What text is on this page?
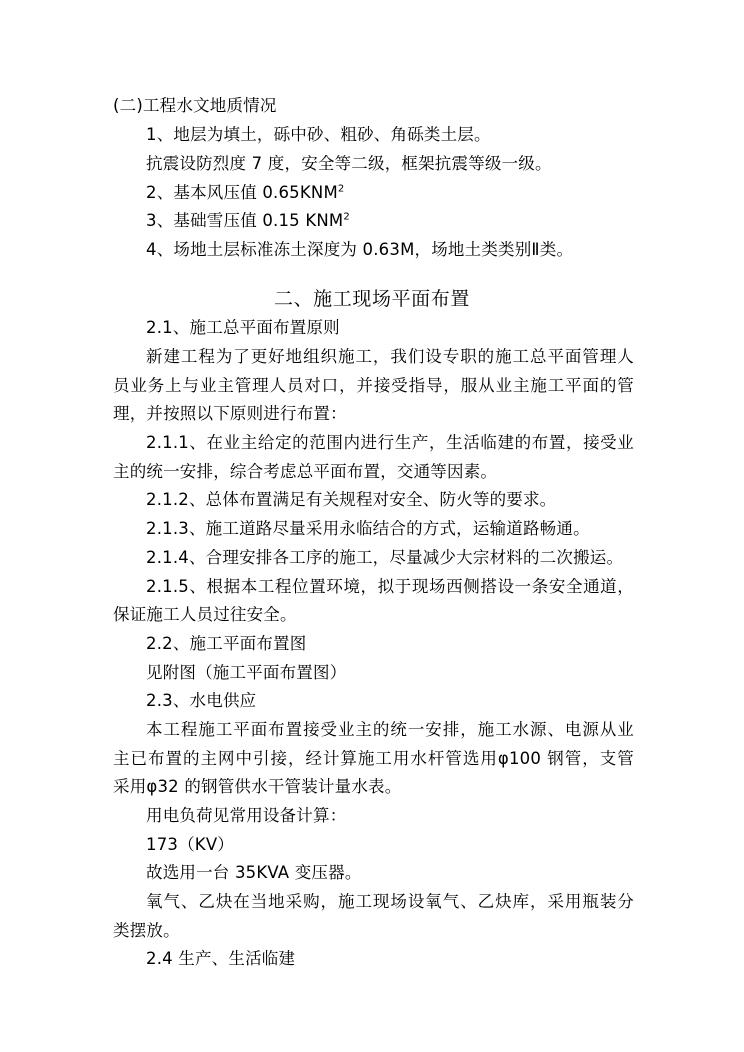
(二)工程水文地质情况
1、地层为填土，砾中砂、粗砂、角砾类土层。
抗震设防烈度 7 度，安全等二级，框架抗震等级一级。
2、基本风压值 0.65KNM$^2$
3、基础雪压值 0.15 KNM$^2$
4、场地土层标准冻土深度为 0.63M，场地土类类别Ⅱ类。
二、施工现场平面布置
2.1、施工总平面布置原则
新建工程为了更好地组织施工，我们设专职的施工总平面管理人
员业务上与业主管理人员对口，并接受指导，服从业主施工平面的管
理，并按照以下原则进行布置：
2.1.1、在业主给定的范围内进行生产，生活临建的布置，接受业
主的统一安排，综合考虑总平面布置，交通等因素。
2.1.2、总体布置满足有关规程对安全、防火等的要求。
2.1.3、施工道路尽量采用永临结合的方式，运输道路畅通。
2.1.4、合理安排各工序的施工，尽量减少大宗材料的二次搬运。
2.1.5、根据本工程位置环境，拟于现场西侧搭设一条安全通道，
保证施工人员过往安全。
2.2、施工平面布置图
见附图（施工平面布置图）
2.3、水电供应
本工程施工平面布置接受业主的统一安排，施工水源、电源从业
主已布置的主网中引接，经计算施工用水杆管选用φ100 钢管，支管
采用φ32 的钢管供水干管装计量水表。
用电负荷见常用设备计算：
173（KV）
故选用一台 35KVA 变压器。
氧气、乙炔在当地采购，施工现场设氧气、乙炔库，采用瓶装分
类摆放。
2.4 生产、生活临建
